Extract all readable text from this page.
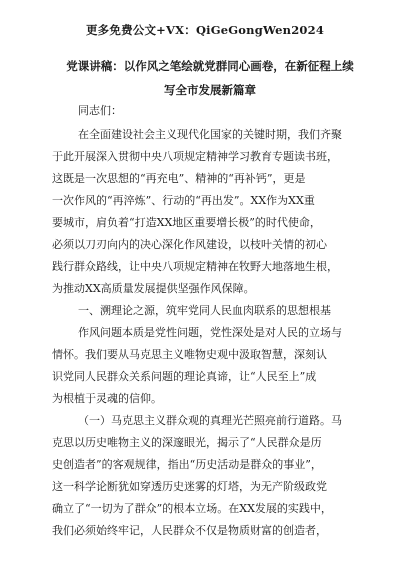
更多免费公文+VX：QiGeGongWen2024
党课讲稿：以作风之笔绘就党群同心画卷，在新征程上续
写全市发展新篇章
同志们：
在全面建设社会主义现代化国家的关键时期，我们齐聚
于此开展深入贯彻中央八项规定精神学习教育专题读书班，
这既是一次思想的“再充电”、精神的“再补钙”，更是
一次作风的“再淬炼”、行动的“再出发”。XX作为XX重
要城市，肩负着“打造XX地区重要增长极”的时代使命，
必须以刀刃向内的决心深化作风建设，以枝叶关情的初心
践行群众路线，让中央八项规定精神在牧野大地落地生根，
为推动XX高质量发展提供坚强作风保障。
一、溯理论之源，筑牢党同人民血肉联系的思想根基
作风问题本质是党性问题，党性深处是对人民的立场与
情怀。我们要从马克思主义唯物史观中汲取智慧，深刻认
识党同人民群众关系问题的理论真谛，让“人民至上”成
为根植于灵魂的信仰。
（一）马克思主义群众观的真理光芒照亮前行道路。马
克思以历史唯物主义的深邃眼光，揭示了“人民群众是历
史创造者”的客观规律，指出“历史活动是群众的事业”，
这一科学论断犹如穿透历史迷雾的灯塔，为无产阶级政党
确立了“一切为了群众”的根本立场。在XX发展的实践中，
我们必须始终牢记，人民群众不仅是物质财富的创造者，
